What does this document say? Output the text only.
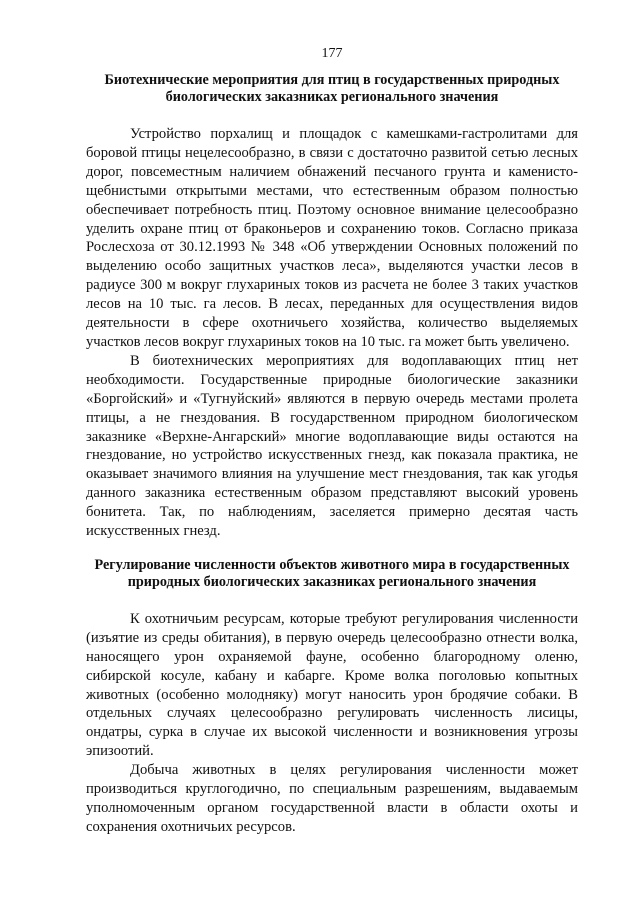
177
Биотехнические мероприятия для птиц в государственных природных биологических заказниках регионального значения

Устройство порхалищ и площадок с камешками-гастролитами для боровой птицы нецелесообразно, в связи с достаточно развитой сетью лесных дорог, повсеместным наличием обнажений песчаного грунта и каменисто-щебнистыми открытыми местами, что естественным образом полностью обеспечивает потребность птиц. Поэтому основное внимание целесообразно уделить охране птиц от браконьеров и сохранению токов. Согласно приказа Рослесхоза от 30.12.1993 № 348 «Об утверждении Основных положений по выделению особо защитных участков леса», выделяются участки лесов в радиусе 300 м вокруг глухариных токов из расчета не более 3 таких участков лесов на 10 тыс. га лесов. В лесах, переданных для осуществления видов деятельности в сфере охотничьего хозяйства, количество выделяемых участков лесов вокруг глухариных токов на 10 тыс. га может быть увеличено.

В биотехнических мероприятиях для водоплавающих птиц нет необходимости. Государственные природные биологические заказники «Боргойский» и «Тугнуйский» являются в первую очередь местами пролета птицы, а не гнездования. В государственном природном биологическом заказнике «Верхне-Ангарский» многие водоплавающие виды остаются на гнездование, но устройство искусственных гнезд, как показала практика, не оказывает значимого влияния на улучшение мест гнездования, так как угодья данного заказника естественным образом представляют высокий уровень бонитета. Так, по наблюдениям, заселяется примерно десятая часть искусственных гнезд.

Регулирование численности объектов животного мира в государственных природных биологических заказниках регионального значения

К охотничьим ресурсам, которые требуют регулирования численности (изъятие из среды обитания), в первую очередь целесообразно отнести волка, наносящего урон охраняемой фауне, особенно благородному оленю, сибирской косуле, кабану и кабарге. Кроме волка поголовью копытных животных (особенно молодняку) могут наносить урон бродячие собаки. В отдельных случаях целесообразно регулировать численность лисицы, ондатры, сурка в случае их высокой численности и возникновения угрозы эпизоотий.

Добыча животных в целях регулирования численности может производиться круглогодично, по специальным разрешениям, выдаваемым уполномоченным органом государственной власти в области охоты и сохранения охотничьих ресурсов.
